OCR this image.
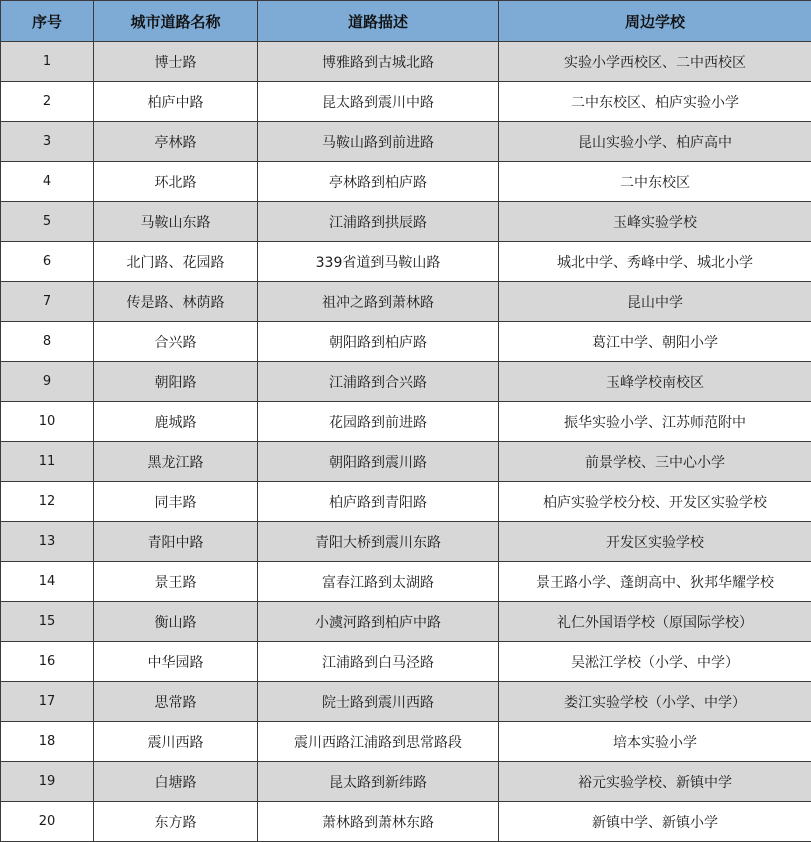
序号	城市道路名称	道路描述	周边学校
1	博士路	博雅路到古城北路	实验小学西校区、二中西校区
2	柏庐中路	昆太路到震川中路	二中东校区、柏庐实验小学
3	亭林路	马鞍山路到前进路	昆山实验小学、柏庐高中
4	环北路	亭林路到柏庐路	二中东校区
5	马鞍山东路	江浦路到拱辰路	玉峰实验学校
6	北门路、花园路	339省道到马鞍山路	城北中学、秀峰中学、城北小学
7	传是路、林荫路	祖冲之路到萧林路	昆山中学
8	合兴路	朝阳路到柏庐路	葛江中学、朝阳小学
9	朝阳路	江浦路到合兴路	玉峰学校南校区
10	鹿城路	花园路到前进路	振华实验小学、江苏师范附中
11	黑龙江路	朝阳路到震川路	前景学校、三中心小学
12	同丰路	柏庐路到青阳路	柏庐实验学校分校、开发区实验学校
13	青阳中路	青阳大桥到震川东路	开发区实验学校
14	景王路	富春江路到太湖路	景王路小学、蓬朗高中、狄邦华耀学校
15	衡山路	小澞河路到柏庐中路	礼仁外国语学校（原国际学校）
16	中华园路	江浦路到白马泾路	吴淞江学校（小学、中学）
17	思常路	院士路到震川西路	娄江实验学校（小学、中学）
18	震川西路	震川西路江浦路到思常路段	培本实验小学
19	白塘路	昆太路到新纬路	裕元实验学校、新镇中学
20	东方路	萧林路到萧林东路	新镇中学、新镇小学
